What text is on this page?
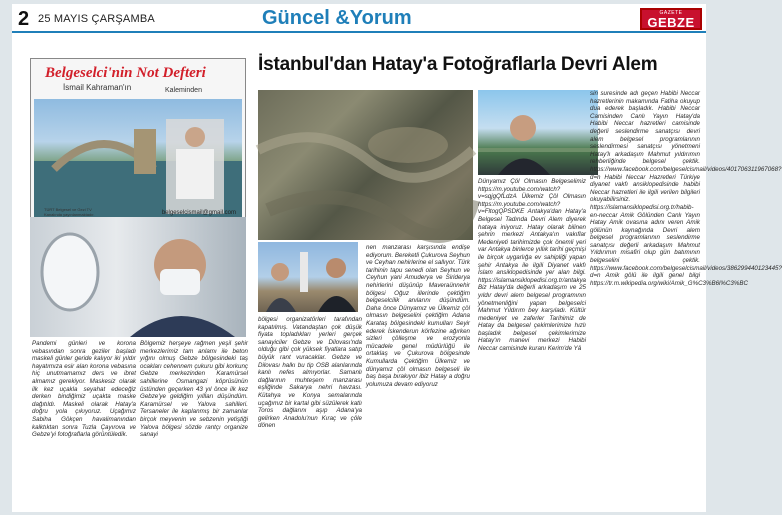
2 25 MAYIS ÇARŞAMBA	Güncel &Yorum	GAZETE
GEBZE
Belgeselci'nin Not Defteri
İsmail Kahraman'ın	Kaleminden
TÜRT Belgesel ve Gezi TV Kanalında yayınlanmaktadır.	belgeselcismail@gmail.com
İstanbul'dan Hatay'a Fotoğraflarla Devri Alem

Pandemi günleri ve korona vebasından sonra geziler başladı maskeli günler geride kalıyor iki yıldır hayatımıza esir alan korona vebasına hiç unutmamamız ders ve ibret almamız gerekiyor. Maskesiz olarak ilk kez uçakla seyahat edeceğiz derken bindiğimiz uçakta maske dağıtıldı. Maskeli olarak Hatay'a doğru yola çıkıyoruz. Uçağımız Sabiha Gökçen havalimanından kalktıktan sonra Tuzla Çayırova ve Gebze'yi fotoğraflarla görüntüledik.

Bölgemiz herşeye rağmen yeşil şehir merkezlerimiz tam anlamı ile beton yığını olmuş Gebze bölgesindeki taş ocakları cehennem çukuru gibi korkunç Gebze merkezinden Karamürsel sahillerine Osmangazi köprüsünün üstünden geçerken 43 yıl önce ilk kez Gebze'ye geldiğim yıllları düşündüm. Karamürsel ve Yalova sahilleri. Tersaneler ile kaplanmış bir zamanlar birçok meyvenin ve sebzenin yetiştiği Yalova bölgesi sözde rantçı organize sanayi

bölgesi organizatörleri tarafından kapatılmış. Vatandaştan çok düşük fiyata topladıkları yerleri gerçek sanayiciler Gebze ve Dilovası'nda olduğu gibi çok yüksek fiyatlara satıp büyük rant vuracaklar. Gebze ve Dilovası halkı bu tip OSB alanlarında kanlı nefes almıyorlar. Samanlı dağlarının muhteşem manzarası eşliğinde Sakarya nehri havzası. Kütahya ve Konya semalarında uçağımız bir kartal gibi süzülerek katlı Toros dağlarını aşıp Adana'ya gelirken Anadolu'nun Kıraç ve çöle dönen

nen manzarası karşısında endişe ediyorum. Bereketli Çukurova Seyhun ve Ceyhan nehirlerine el sallıyor. Türk tarihinin tapu senedi olan Seyhun ve Ceyhun yani Amuderya ve Sirideryа nehirlerini düşünüp Maveraünnehir bölgesi Oğuz illerinde çektiğim belgeselcilik anılarını düşündüm. Daha önce Dünyamız ve Ülkemiz çöl olmasın belgeselini çektiğim Adana Karataş bölgesindeki kumulları Seyir ederek İskenderun körfezine ağırken sizleri çölleşme ve erozyonla mücadele genel müdürlüğü ile ortaklaş ve Çukurova bölgesinde Kumullarda Çektiğim Ülkemiz ve dünyamız çöl olmasın belgeseli ile baş başa bırakıyor ibiz Hatay a doğru yolumuza devam ediyoruz

Dünyamız Çöl Olmasın Belgeselimiz https://m.youtube.com/watch?v=sqjgQfLdzA Ülkemiz Çöl Olmasın https://m.youtube.com/watch?v=FltogQPSDKE Antakya'dan Hatay'a Belgesel Tadında Devri Alem diyerek hatayа iniyoruz. Hatay olarak bilinen şehrin merkezi Antakya'ın vakıflar Medeniyeti tarihimizde çok önemli yeri var Antakya binlerce yıllık tarihi geçmişi ile birçok uygarlığa ev sahipliği yapan şehir Antakya ile ilgili Diyanet vakfı İslam ansiklopedisinde yer alan bilgi. https://islamansiklopedisi.org.tr/antakya Biz Hatay'da değerli arkadaşım ve 25 yıldır devri alem belgesel programının yönetmenliğini yapan belgeselci Mahmut Yıldırım bey karşıladı. Kültür medeniyet ve zaferler Tarihimiz de Hatay da belgesel çekimlerimize hızlı başladık belgesel çekimlerimize Hatay'ın manevi merkezi Habibi Neccar camisinde kuranı Kerim'de Yâ

sin suresinde adı geçen Habibi Neccar hazretlerinin makamında Fatiha okuyup dua ederek başladık. Habibi Neccar Camisinden Canlı Yayın Hatay'da Habibi Neccar hazretleri camisinde değerli seslendirme sanatçısı devri alem belgesel programlarının seslendirmesi sanatçısı yönetmeni Hatay'lı arkadaşım Mahmut yıldırımın rehberliğinde belgesel çektik. https://www.facebook.com/belgeselcismail/videos/401706311967068?d=n Habibi Neccar Hazretleri Türkiye diyanet vakfı ansiklopedisinde habibi Neccar hazretleri ile ilgili verilen bilgileri okuyabilirsiniz. https://islamansiklopedisi.org.tr/habib-en-neccar Amik Gölünden Canlı Yayın Hatay Amik ovasına adını veren Amik gölünün kaynağında Devri alem belgesel programlarının seslendirme sanatçısı değerli arkadaşım Mahmut Yıldırımın misafiri olup gün batımının belgeselini çektik. https://www.facebook.com/belgeselcismail/videos/386299440123445?d=n Amik gölü ile ilgili genel bilgi https://tr.m.wikipedia.org/wiki/Amik_G%C3%B6l%C3%BC
